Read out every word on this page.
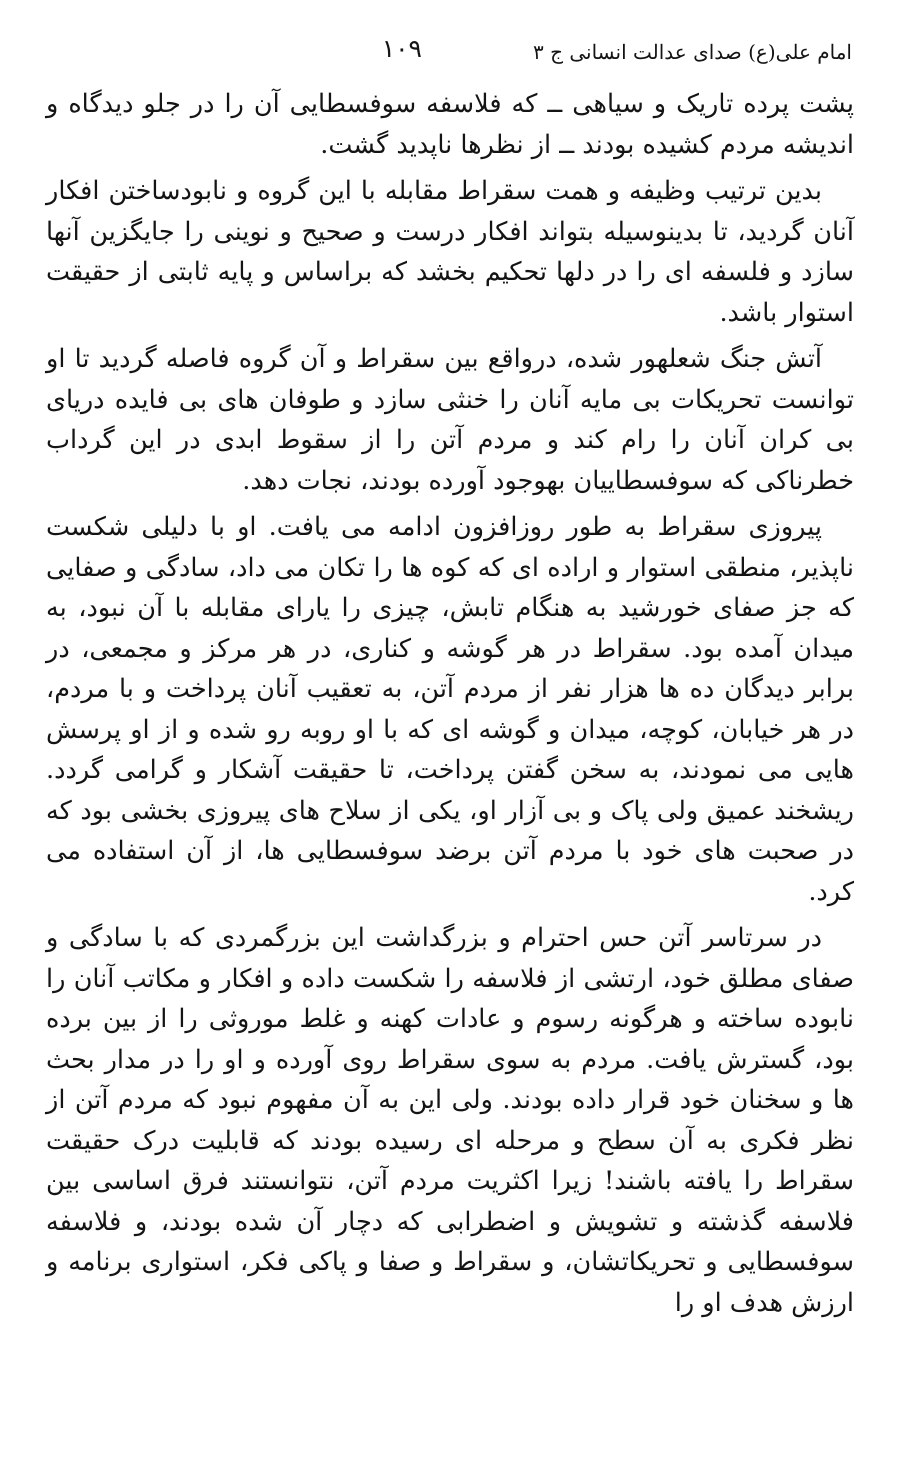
امام علی(ع) صدای عدالت انسانی ج ۳
۱۰۹

پشت پرده تاریک و سیاهی ــ که فلاسفه سوفسطایی آن را در جلو دیدگاه و اندیشه مردم کشیده بودند ــ از نظرها ناپدید گشت.

بدین ترتیب وظیفه و همت سقراط مقابله با این گروه و نابودساختن افکار آنان گردید، تا بدینوسیله بتواند افکار درست و صحیح و نوینی را جایگزین آنها سازد و فلسفه ای را در دلها تحکیم بخشد که براساس و پایه ثابتی از حقیقت استوار باشد.

آتش جنگ شعلهور شده، درواقع بین سقراط و آن گروه فاصله گردید تا او توانست تحریکات بی مایه آنان را خنثی سازد و طوفان های بی فایده دریای بی کران آنان را رام کند و مردم آتن را از سقوط ابدی در این گرداب خطرناکی که سوفسطاییان بهوجود آورده بودند، نجات دهد.

پیروزی سقراط به طور روزافزون ادامه می یافت. او با دلیلی شکست ناپذیر، منطقی استوار و اراده ای که کوه ها را تکان می داد، سادگی و صفایی که جز صفای خورشید به هنگام تابش، چیزی را یارای مقابله با آن نبود، به میدان آمده بود. سقراط در هر گوشه و کناری، در هر مرکز و مجمعی، در برابر دیدگان ده ها هزار نفر از مردم آتن، به تعقیب آنان پرداخت و با مردم، در هر خیابان، کوچه، میدان و گوشه ای که با او روبه رو شده و از او پرسش هایی می نمودند، به سخن گفتن پرداخت، تا حقیقت آشکار و گرامی گردد. ریشخند عمیق ولی پاک و بی آزار او، یکی از سلاح های پیروزی بخشی بود که در صحبت های خود با مردم آتن برضد سوفسطایی ها، از آن استفاده می کرد.

در سرتاسر آتن حس احترام و بزرگداشت این بزرگمردی که با سادگی و صفای مطلق خود، ارتشی از فلاسفه را شکست داده و افکار و مکاتب آنان را نابوده ساخته و هرگونه رسوم و عادات کهنه و غلط موروثی را از بین برده بود، گسترش یافت. مردم به سوی سقراط روی آورده و او را در مدار بحث ها و سخنان خود قرار داده بودند. ولی این به آن مفهوم نبود که مردم آتن از نظر فکری به آن سطح و مرحله ای رسیده بودند که قابلیت درک حقیقت سقراط را یافته باشند! زیرا اکثریت مردم آتن، نتوانستند فرق اساسی بین فلاسفه گذشته و تشویش و اضطرابی که دچار آن شده بودند، و فلاسفه سوفسطایی و تحریکاتشان، و سقراط و صفا و پاکی فکر، استواری برنامه و ارزش هدف او را
